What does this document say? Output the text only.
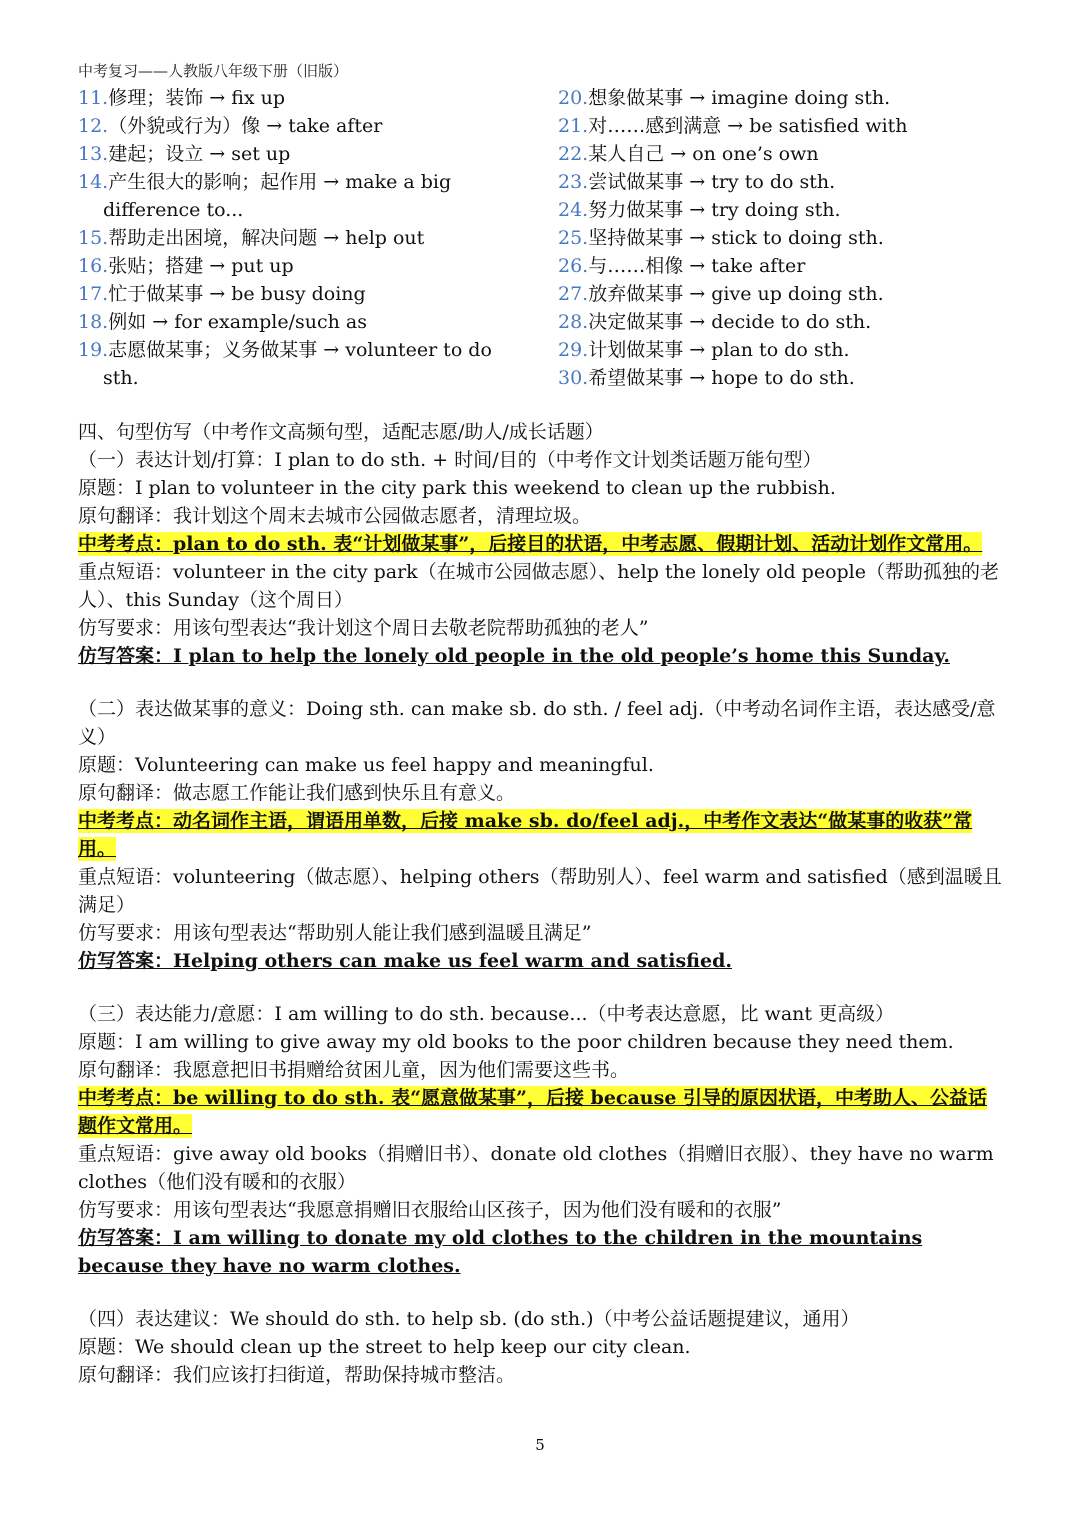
中考复习——人教版八年级下册（旧版）
11.修理；装饰 → fix up
12.（外貌或行为）像 → take after
13.建起；设立 → set up
14.产生很大的影响；起作用 → make a big difference to...
15.帮助走出困境，解决问题 → help out
16.张贴；搭建 → put up
17.忙于做某事 → be busy doing
18.例如 → for example/such as
19.志愿做某事；义务做某事 → volunteer to do sth.
20.想象做某事 → imagine doing sth.
21.对……感到满意 → be satisfied with
22.某人自己 → on one’s own
23.尝试做某事 → try to do sth.
24.努力做某事 → try doing sth.
25.坚持做某事 → stick to doing sth.
26.与……相像 → take after
27.放弃做某事 → give up doing sth.
28.决定做某事 → decide to do sth.
29.计划做某事 → plan to do sth.
30.希望做某事 → hope to do sth.
四、句型仿写（中考作文高频句型，适配志愿/助人/成长话题）
（一）表达计划/打算：I plan to do sth. + 时间/目的（中考作文计划类话题万能句型）
原题：I plan to volunteer in the city park this weekend to clean up the rubbish.
原句翻译：我计划这个周末去城市公园做志愿者，清理垃圾。
中考考点：plan to do sth. 表“计划做某事”，后接目的状语，中考志愿、假期计划、活动计划作文常用。
重点短语：volunteer in the city park（在城市公园做志愿）、help the lonely old people（帮助孤独的老人）、this Sunday（这个周日）
仿写要求：用该句型表达“我计划这个周日去敬老院帮助孤独的老人”
仿写答案：I plan to help the lonely old people in the old people’s home this Sunday.
（二）表达做某事的意义：Doing sth. can make sb. do sth. / feel adj.（中考动名词作主语，表达感受/意义）
原题：Volunteering can make us feel happy and meaningful.
原句翻译：做志愿工作能让我们感到快乐且有意义。
中考考点：动名词作主语，谓语用单数，后接 make sb. do/feel adj.，中考作文表达“做某事的收获”常用。
重点短语：volunteering（做志愿）、helping others（帮助别人）、feel warm and satisfied（感到温暖且满足）
仿写要求：用该句型表达“帮助别人能让我们感到温暖且满足”
仿写答案：Helping others can make us feel warm and satisfied.
（三）表达能力/意愿：I am willing to do sth. because...（中考表达意愿，比 want 更高级）
原题：I am willing to give away my old books to the poor children because they need them.
原句翻译：我愿意把旧书捐赠给贫困儿童，因为他们需要这些书。
中考考点：be willing to do sth. 表“愿意做某事”，后接 because 引导的原因状语，中考助人、公益话题作文常用。
重点短语：give away old books（捐赠旧书）、donate old clothes（捐赠旧衣服）、they have no warm clothes（他们没有暖和的衣服）
仿写要求：用该句型表达“我愿意捐赠旧衣服给山区孩子，因为他们没有暖和的衣服”
仿写答案：I am willing to donate my old clothes to the children in the mountains because they have no warm clothes.
（四）表达建议：We should do sth. to help sb. (do sth.)（中考公益话题提建议，通用）
原题：We should clean up the street to help keep our city clean.
原句翻译：我们应该打扫街道，帮助保持城市整洁。
5
